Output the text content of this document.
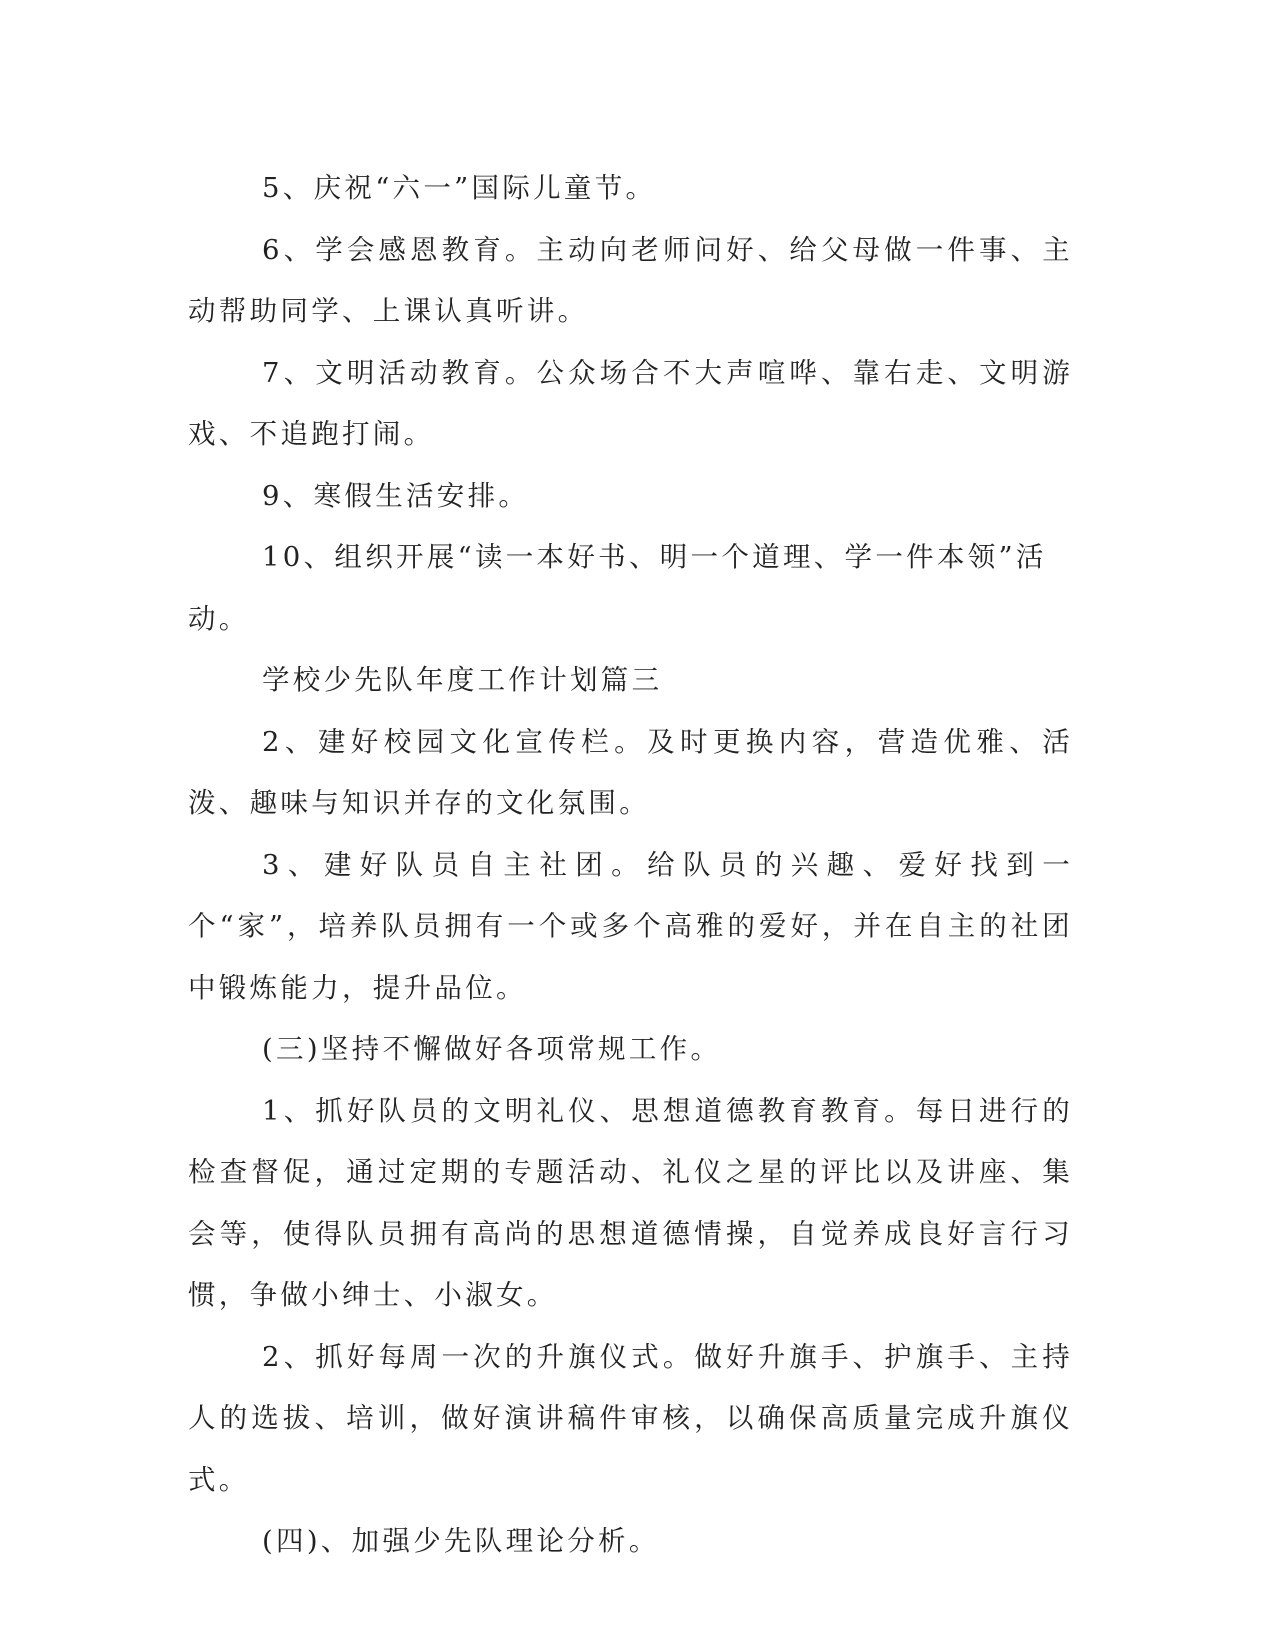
5、庆祝“六一”国际儿童节。

6、学会感恩教育。主动向老师问好、给父母做一件事、主动帮助同学、上课认真听讲。

7、文明活动教育。公众场合不大声喧哗、靠右走、文明游戏、不追跑打闹。

9、寒假生活安排。

10、组织开展“读一本好书、明一个道理、学一件本领”活动。

学校少先队年度工作计划篇三

2、建好校园文化宣传栏。及时更换内容，营造优雅、活泼、趣味与知识并存的文化氛围。

3、建好队员自主社团。给队员的兴趣、爱好找到一个“家”，培养队员拥有一个或多个高雅的爱好，并在自主的社团中锻炼能力，提升品位。

(三)坚持不懈做好各项常规工作。

1、抓好队员的文明礼仪、思想道德教育教育。每日进行的检查督促，通过定期的专题活动、礼仪之星的评比以及讲座、集会等，使得队员拥有高尚的思想道德情操，自觉养成良好言行习惯，争做小绅士、小淑女。

2、抓好每周一次的升旗仪式。做好升旗手、护旗手、主持人的选拔、培训，做好演讲稿件审核，以确保高质量完成升旗仪式。

(四)、加强少先队理论分析。
